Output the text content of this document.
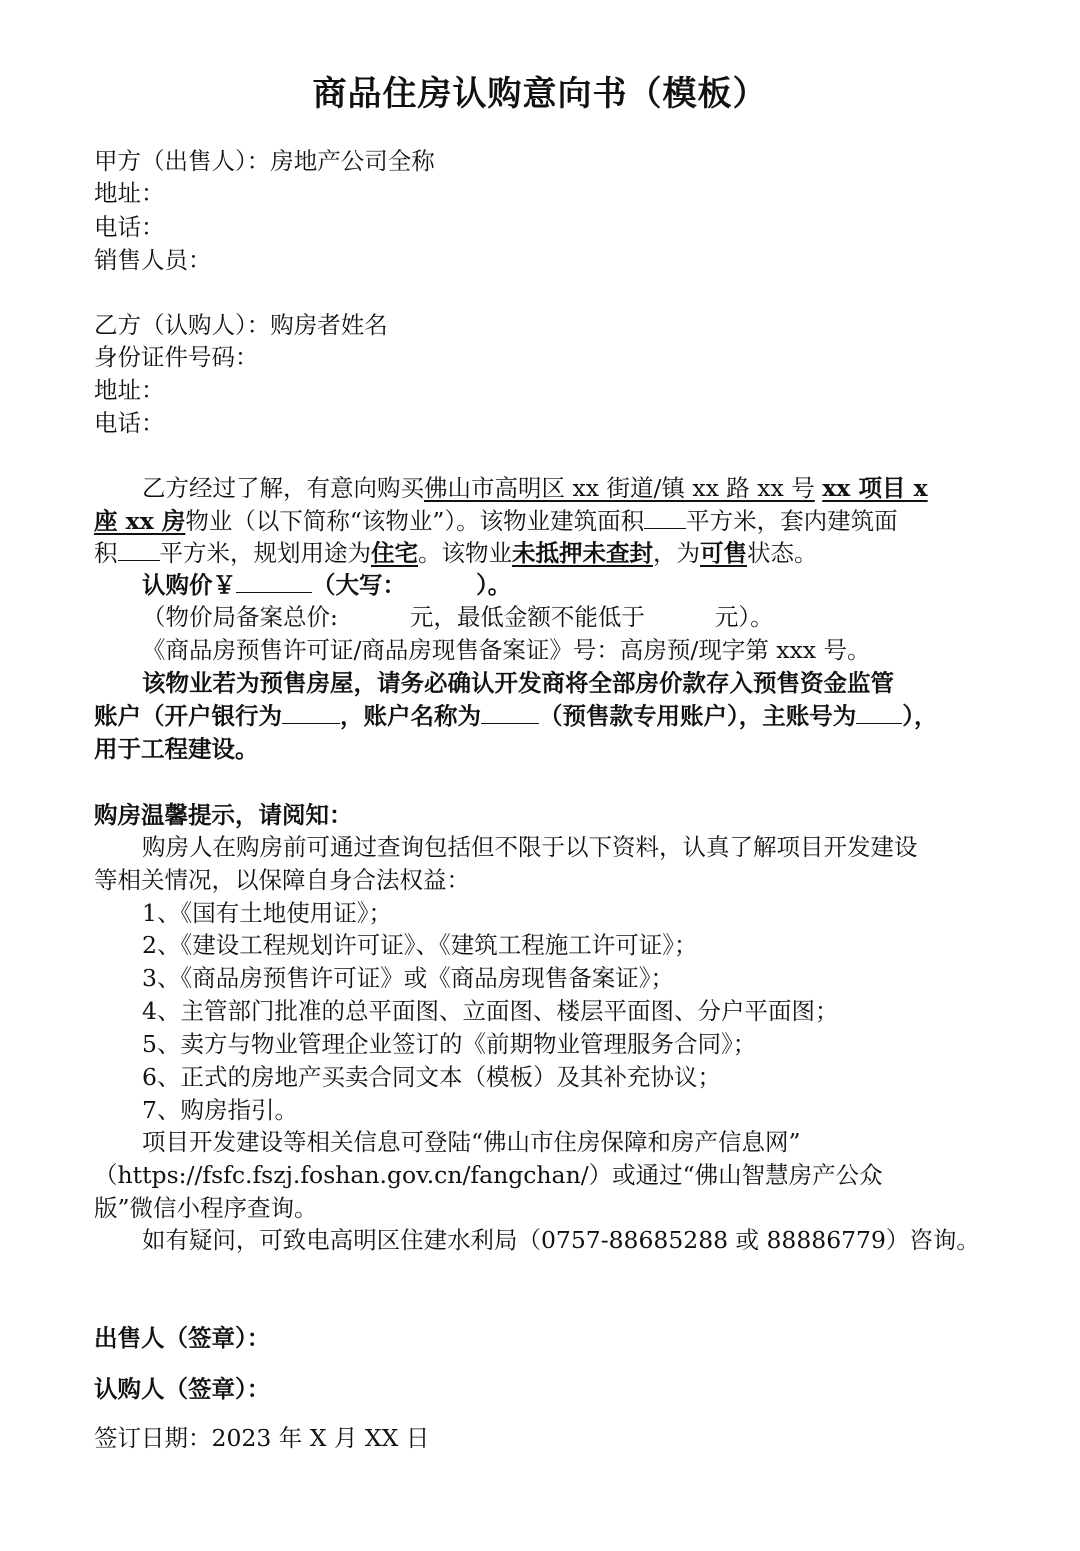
商品住房认购意向书（模板）
甲方（出售人）：房地产公司全称
地址：
电话：
销售人员：
乙方（认购人）：购房者姓名
身份证件号码：
地址：
电话：
乙方经过了解，有意向购买佛山市高明区 xx 街道/镇 xx 路 xx 号 xx 项目 x
座 xx 房物业（以下简称“该物业”）。该物业建筑面积 平方米，套内建筑面
积 平方米，规划用途为住宅。该物业未抵押未查封，为可售状态。
认购价￥	（大写：	）。
（物价局备案总价:	元，最低金额不能低于	元）。
《商品房预售许可证/商品房现售备案证》号：高房预/现字第 xxx 号。
该物业若为预售房屋，请务必确认开发商将全部房价款存入预售资金监管
账户（开户银行为 ，账户名称为 （预售款专用账户），主账号为 ），
用于工程建设。
购房温馨提示，请阅知：
购房人在购房前可通过查询包括但不限于以下资料，认真了解项目开发建设
等相关情况，以保障自身合法权益：
1、《国有土地使用证》；
2、《建设工程规划许可证》、《建筑工程施工许可证》；
3、《商品房预售许可证》或《商品房现售备案证》；
4、主管部门批准的总平面图、立面图、楼层平面图、分户平面图；
5、卖方与物业管理企业签订的《前期物业管理服务合同》；
6、正式的房地产买卖合同文本（模板）及其补充协议；
7、购房指引。
项目开发建设等相关信息可登陆“佛山市住房保障和房产信息网”
（https://fsfc.fszj.foshan.gov.cn/fangchan/）或通过“佛山智慧房产公众
版”微信小程序查询。
如有疑问，可致电高明区住建水利局（0757-88685288 或 88886779）咨询。
出售人（签章）：
认购人（签章）：
签订日期：2023 年 X 月 XX 日
